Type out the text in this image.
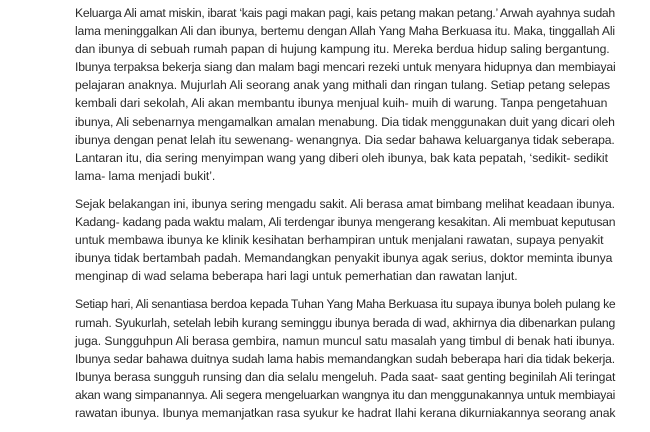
Keluarga Ali amat miskin, ibarat ‘kais pagi makan pagi, kais petang makan petang.’ Arwah ayahnya sudah
lama meninggalkan Ali dan ibunya, bertemu dengan Allah Yang Maha Berkuasa itu. Maka, tinggallah Ali
dan ibunya di sebuah rumah papan di hujung kampung itu. Mereka berdua hidup saling bergantung.
Ibunya terpaksa bekerja siang dan malam bagi mencari rezeki untuk menyara hidupnya dan membiayai
pelajaran anaknya. Mujurlah Ali seorang anak yang mithali dan ringan tulang. Setiap petang selepas
kembali dari sekolah, Ali akan membantu ibunya menjual kuih- muih di warung. Tanpa pengetahuan
ibunya, Ali sebenarnya mengamalkan amalan menabung. Dia tidak menggunakan duit yang dicari oleh
ibunya dengan penat lelah itu sewenang- wenangnya. Dia sedar bahawa keluarganya tidak seberapa.
Lantaran itu, dia sering menyimpan wang yang diberi oleh ibunya, bak kata pepatah, ‘sedikit- sedikit
lama- lama menjadi bukit’.

Sejak belakangan ini, ibunya sering mengadu sakit. Ali berasa amat bimbang melihat keadaan ibunya.
Kadang- kadang pada waktu malam, Ali terdengar ibunya mengerang kesakitan. Ali membuat keputusan
untuk membawa ibunya ke klinik kesihatan berhampiran untuk menjalani rawatan, supaya penyakit
ibunya tidak bertambah padah. Memandangkan penyakit ibunya agak serius, doktor meminta ibunya
menginap di wad selama beberapa hari lagi untuk pemerhatian dan rawatan lanjut.

Setiap hari, Ali senantiasa berdoa kepada Tuhan Yang Maha Berkuasa itu supaya ibunya boleh pulang ke
rumah. Syukurlah, setelah lebih kurang seminggu ibunya berada di wad, akhirnya dia dibenarkan pulang
juga. Sungguhpun Ali berasa gembira, namun muncul satu masalah yang timbul di benak hati ibunya.
Ibunya sedar bahawa duitnya sudah lama habis memandangkan sudah beberapa hari dia tidak bekerja.
Ibunya berasa sungguh runsing dan dia selalu mengeluh. Pada saat- saat genting beginilah Ali teringat
akan wang simpanannya. Ali segera mengeluarkan wangnya itu dan menggunakannya untuk membiayai
rawatan ibunya. Ibunya memanjatkan rasa syukur ke hadrat Ilahi kerana dikurniakannya seorang anak
